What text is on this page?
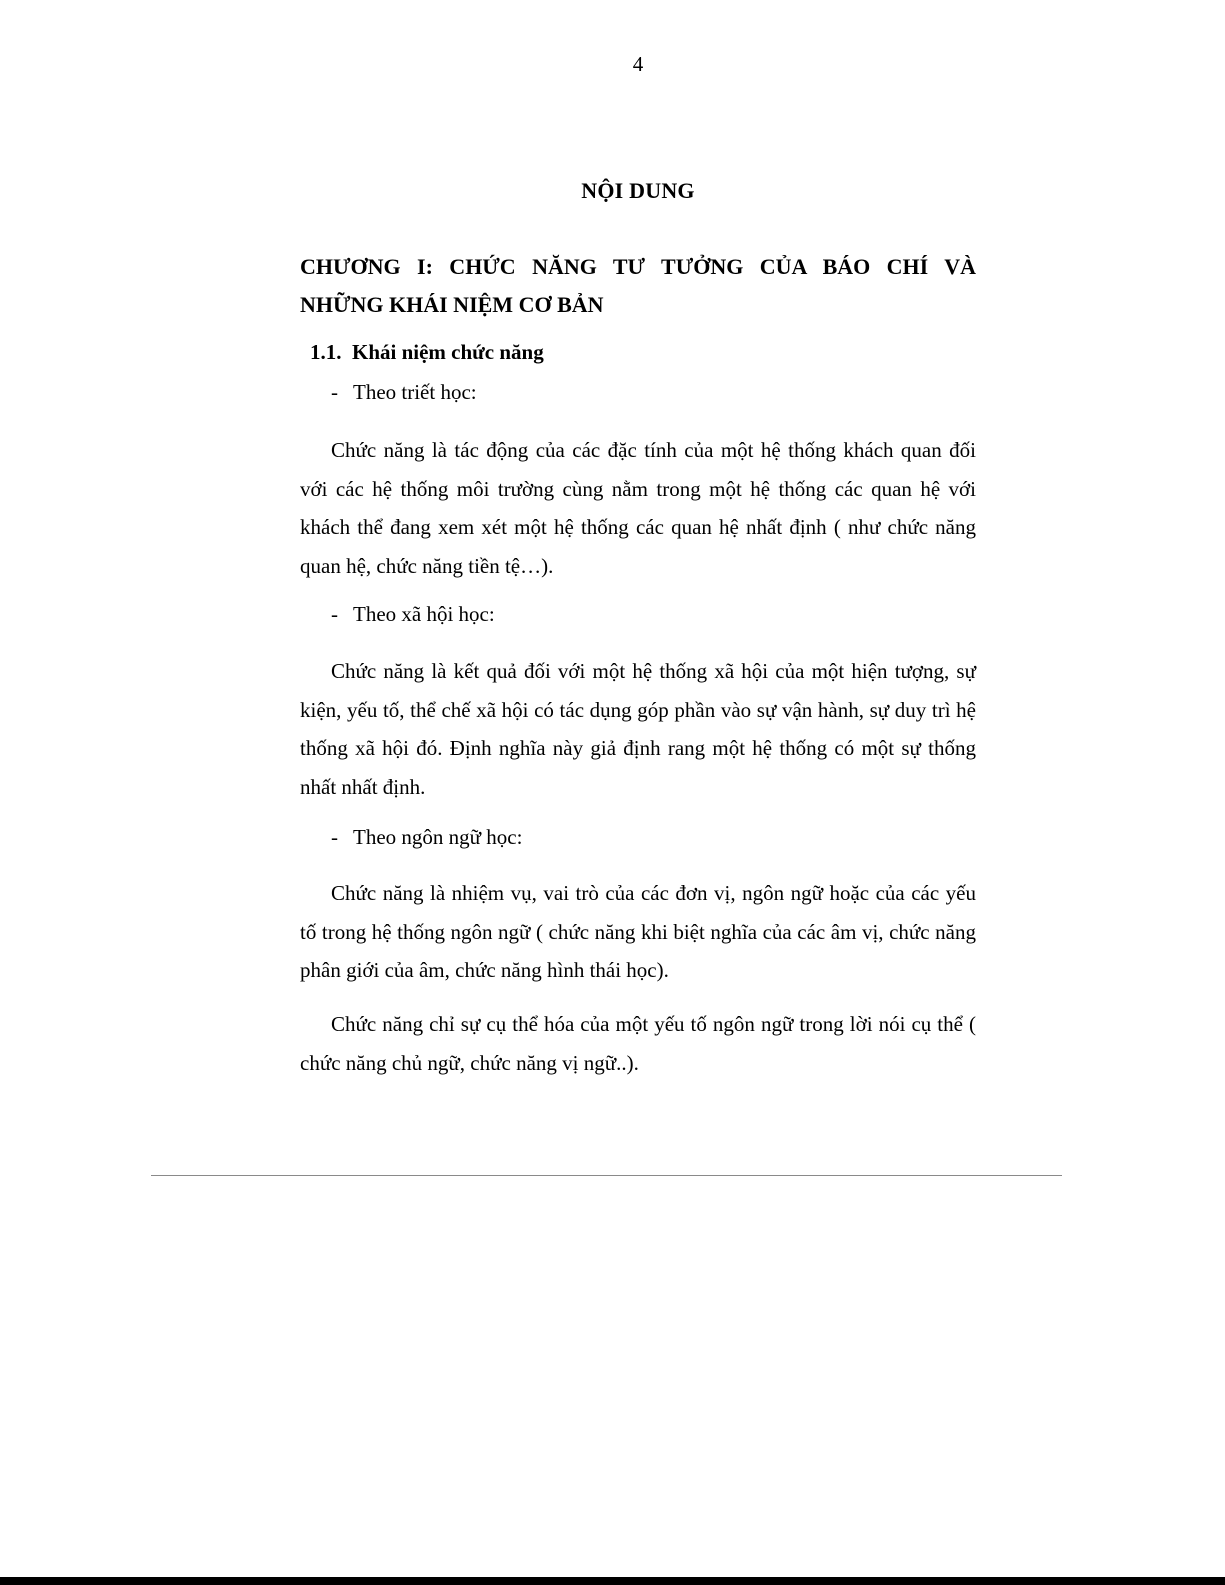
4
NỘI DUNG
CHƯƠNG I: CHỨC NĂNG TƯ TƯỞNG CỦA BÁO CHÍ VÀ
NHỮNG KHÁI NIỆM CƠ BẢN
1.1. Khái niệm chức năng
- Theo triết học:
Chức năng là tác động của các đặc tính của một hệ thống khách quan đối với các hệ thống môi trường cùng nằm trong một hệ thống các quan hệ với khách thể đang xem xét một hệ thống các quan hệ nhất định ( như chức năng quan hệ, chức năng tiền tệ…).
- Theo xã hội học:
Chức năng là kết quả đối với một hệ thống xã hội của một hiện tượng, sự kiện, yếu tố, thể chế xã hội có tác dụng góp phần vào sự vận hành, sự duy trì hệ thống xã hội đó. Định nghĩa này giả định rang một hệ thống có một sự thống nhất nhất định.
- Theo ngôn ngữ học:
Chức năng là nhiệm vụ, vai trò của các đơn vị, ngôn ngữ hoặc của các yếu tố trong hệ thống ngôn ngữ ( chức năng khi biệt nghĩa của các âm vị, chức năng phân giới của âm, chức năng hình thái học).
Chức năng chỉ sự cụ thể hóa của một yếu tố ngôn ngữ trong lời nói cụ thể ( chức năng chủ ngữ, chức năng vị ngữ..).
